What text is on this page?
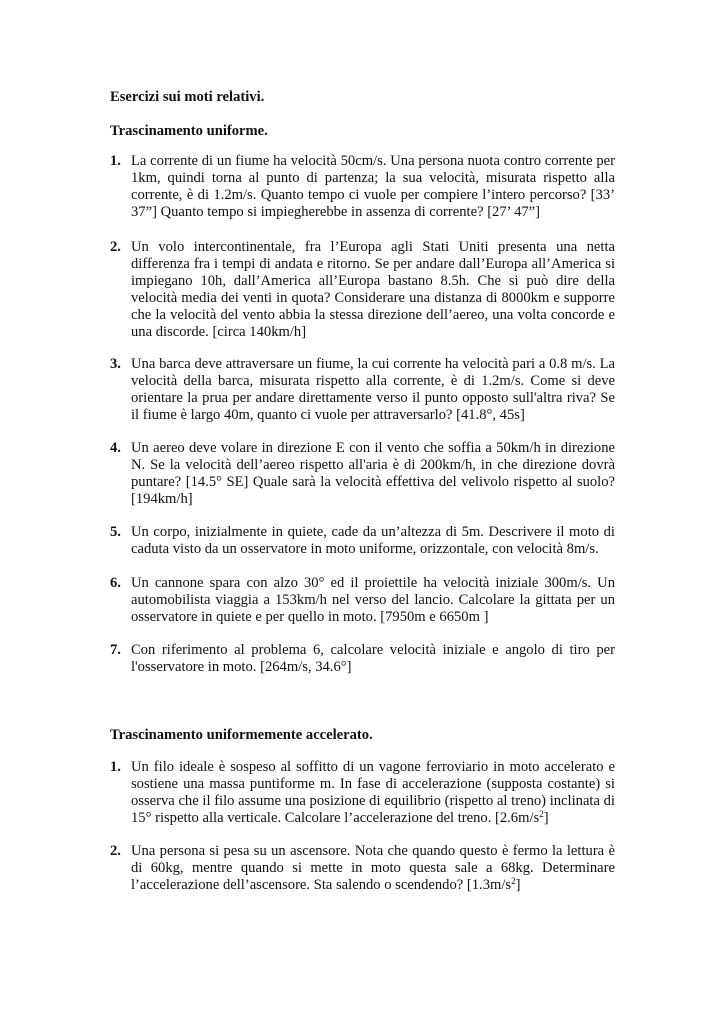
Esercizi sui moti relativi.
Trascinamento uniforme.
1. La corrente di un fiume ha velocità 50cm/s. Una persona nuota contro corrente per 1km, quindi torna al punto di partenza; la sua velocità, misurata rispetto alla corrente, è di 1.2m/s. Quanto tempo ci vuole per compiere l’intero percorso? [33’ 37”] Quanto tempo si impiegherebbe in assenza di corrente? [27’ 47”]
2. Un volo intercontinentale, fra l’Europa agli Stati Uniti presenta una netta differenza fra i tempi di andata e ritorno. Se per andare dall’Europa all’America si impiegano 10h, dall’America all’Europa bastano 8.5h. Che si può dire della velocità media dei venti in quota? Considerare una distanza di 8000km e supporre che la velocità del vento abbia la stessa direzione dell’aereo, una volta concorde e una discorde. [circa 140km/h]
3. Una barca deve attraversare un fiume, la cui corrente ha velocità pari a 0.8 m/s. La velocità della barca, misurata rispetto alla corrente, è di 1.2m/s. Come si deve orientare la prua per andare direttamente verso il punto opposto sull'altra riva? Se il fiume è largo 40m, quanto ci vuole per attraversarlo? [41.8°, 45s]
4. Un aereo deve volare in direzione E con il vento che soffia a 50km/h in direzione N. Se la velocità dell’aereo rispetto all'aria è di 200km/h, in che direzione dovrà puntare? [14.5° SE] Quale sarà la velocità effettiva del velivolo rispetto al suolo? [194km/h]
5. Un corpo, inizialmente in quiete, cade da un’altezza di 5m. Descrivere il moto di caduta visto da un osservatore in moto uniforme, orizzontale, con velocità 8m/s.
6. Un cannone spara con alzo 30° ed il proiettile ha velocità iniziale 300m/s. Un automobilista viaggia a 153km/h nel verso del lancio. Calcolare la gittata per un osservatore in quiete e per quello in moto. [7950m e 6650m ]
7. Con riferimento al problema 6, calcolare velocità iniziale e angolo di tiro per l'osservatore in moto. [264m/s, 34.6°]
Trascinamento uniformemente accelerato.
1. Un filo ideale è sospeso al soffitto di un vagone ferroviario in moto accelerato e sostiene una massa puntiforme m. In fase di accelerazione (supposta costante) si osserva che il filo assume una posizione di equilibrio (rispetto al treno) inclinata di 15° rispetto alla verticale. Calcolare l’accelerazione del treno. $[2.6m/s^2]$
2. Una persona si pesa su un ascensore. Nota che quando questo è fermo la lettura è di 60kg, mentre quando si mette in moto questa sale a 68kg. Determinare l’accelerazione dell’ascensore. Sta salendo o scendendo? $[1.3m/s^2]$
